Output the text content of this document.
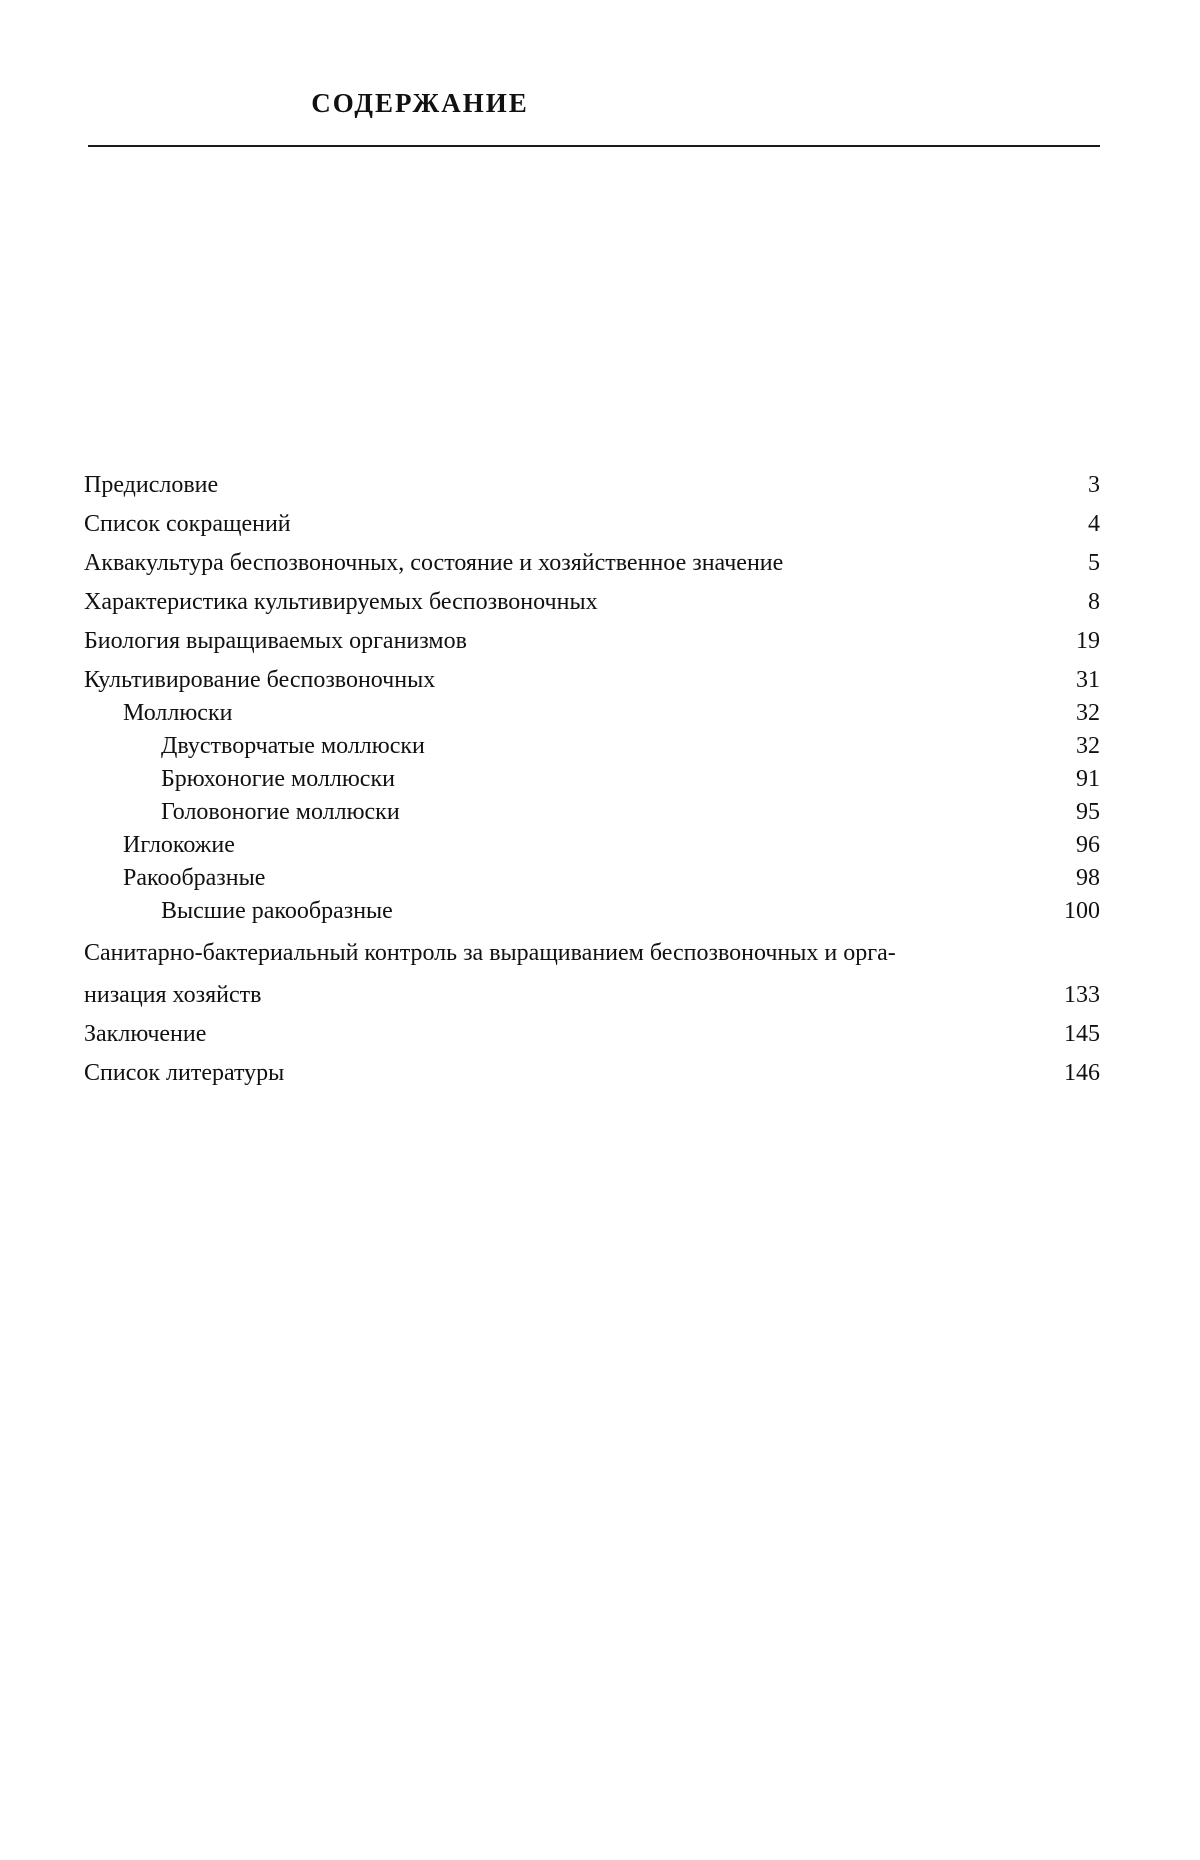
СОДЕРЖАНИЕ
Предисловие	3
Список сокращений	4
Аквакультура беспозвоночных, состояние и хозяйственное значение	5
Характеристика культивируемых беспозвоночных	8
Биология выращиваемых организмов	19
Культивирование беспозвоночных	31
Моллюски	32
Двустворчатые моллюски	32
Брюхоногие моллюски	91
Головоногие моллюски	95
Иглокожие	96
Ракообразные	98
Высшие ракообразные	100
Санитарно-бактериальный контроль за выращиванием беспозвоночных и орга-
низация хозяйств	133
Заключение	145
Список литературы	146
